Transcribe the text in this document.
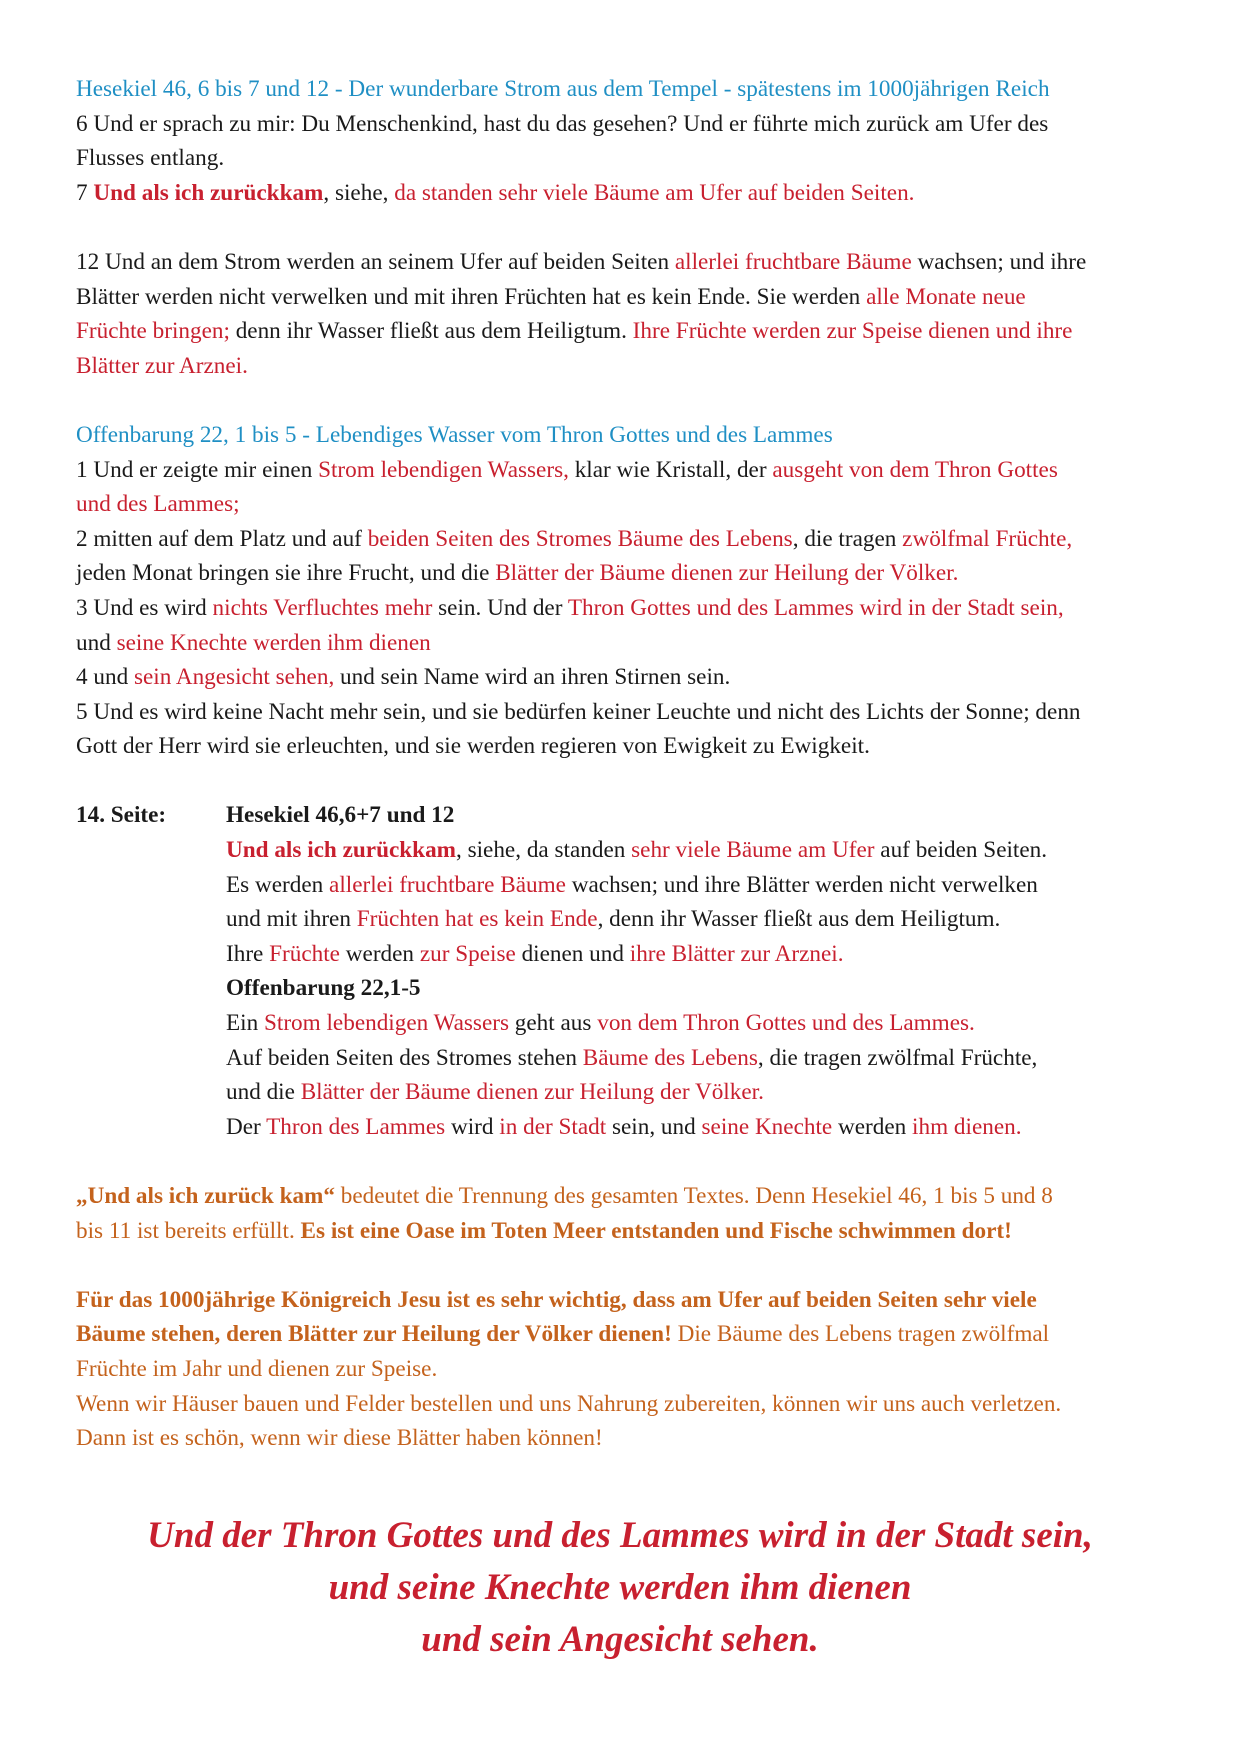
Hesekiel 46, 6 bis 7 und 12 - Der wunderbare Strom aus dem Tempel - spätestens im 1000jährigen Reich
6 Und er sprach zu mir: Du Menschenkind, hast du das gesehen? Und er führte mich zurück am Ufer des
Flusses entlang.
7 Und als ich zurückkam, siehe, da standen sehr viele Bäume am Ufer auf beiden Seiten.
12 Und an dem Strom werden an seinem Ufer auf beiden Seiten allerlei fruchtbare Bäume wachsen; und ihre
Blätter werden nicht verwelken und mit ihren Früchten hat es kein Ende. Sie werden alle Monate neue
Früchte bringen; denn ihr Wasser fließt aus dem Heiligtum. Ihre Früchte werden zur Speise dienen und ihre
Blätter zur Arznei.
Offenbarung 22, 1 bis 5 - Lebendiges Wasser vom Thron Gottes und des Lammes
1 Und er zeigte mir einen Strom lebendigen Wassers, klar wie Kristall, der ausgeht von dem Thron Gottes
und des Lammes;
2 mitten auf dem Platz und auf beiden Seiten des Stromes Bäume des Lebens, die tragen zwölfmal Früchte,
jeden Monat bringen sie ihre Frucht, und die Blätter der Bäume dienen zur Heilung der Völker.
3 Und es wird nichts Verfluchtes mehr sein. Und der Thron Gottes und des Lammes wird in der Stadt sein,
und seine Knechte werden ihm dienen
4 und sein Angesicht sehen, und sein Name wird an ihren Stirnen sein.
5 Und es wird keine Nacht mehr sein, und sie bedürfen keiner Leuchte und nicht des Lichts der Sonne; denn
Gott der Herr wird sie erleuchten, und sie werden regieren von Ewigkeit zu Ewigkeit.
14. Seite:	Hesekiel 46,6+7 und 12
Und als ich zurückkam, siehe, da standen sehr viele Bäume am Ufer auf beiden Seiten.
Es werden allerlei fruchtbare Bäume wachsen; und ihre Blätter werden nicht verwelken
und mit ihren Früchten hat es kein Ende, denn ihr Wasser fließt aus dem Heiligtum.
Ihre Früchte werden zur Speise dienen und ihre Blätter zur Arznei.
Offenbarung 22,1-5
Ein Strom lebendigen Wassers geht aus von dem Thron Gottes und des Lammes.
Auf beiden Seiten des Stromes stehen Bäume des Lebens, die tragen zwölfmal Früchte,
und die Blätter der Bäume dienen zur Heilung der Völker.
Der Thron des Lammes wird in der Stadt sein, und seine Knechte werden ihm dienen.
„Und als ich zurück kam“ bedeutet die Trennung des gesamten Textes. Denn Hesekiel 46, 1 bis 5 und 8
bis 11 ist bereits erfüllt. Es ist eine Oase im Toten Meer entstanden und Fische schwimmen dort!
Für das 1000jährige Königreich Jesu ist es sehr wichtig, dass am Ufer auf beiden Seiten sehr viele
Bäume stehen, deren Blätter zur Heilung der Völker dienen! Die Bäume des Lebens tragen zwölfmal
Früchte im Jahr und dienen zur Speise.
Wenn wir Häuser bauen und Felder bestellen und uns Nahrung zubereiten, können wir uns auch verletzen.
Dann ist es schön, wenn wir diese Blätter haben können!
Und der Thron Gottes und des Lammes wird in der Stadt sein,
und seine Knechte werden ihm dienen
und sein Angesicht sehen.
